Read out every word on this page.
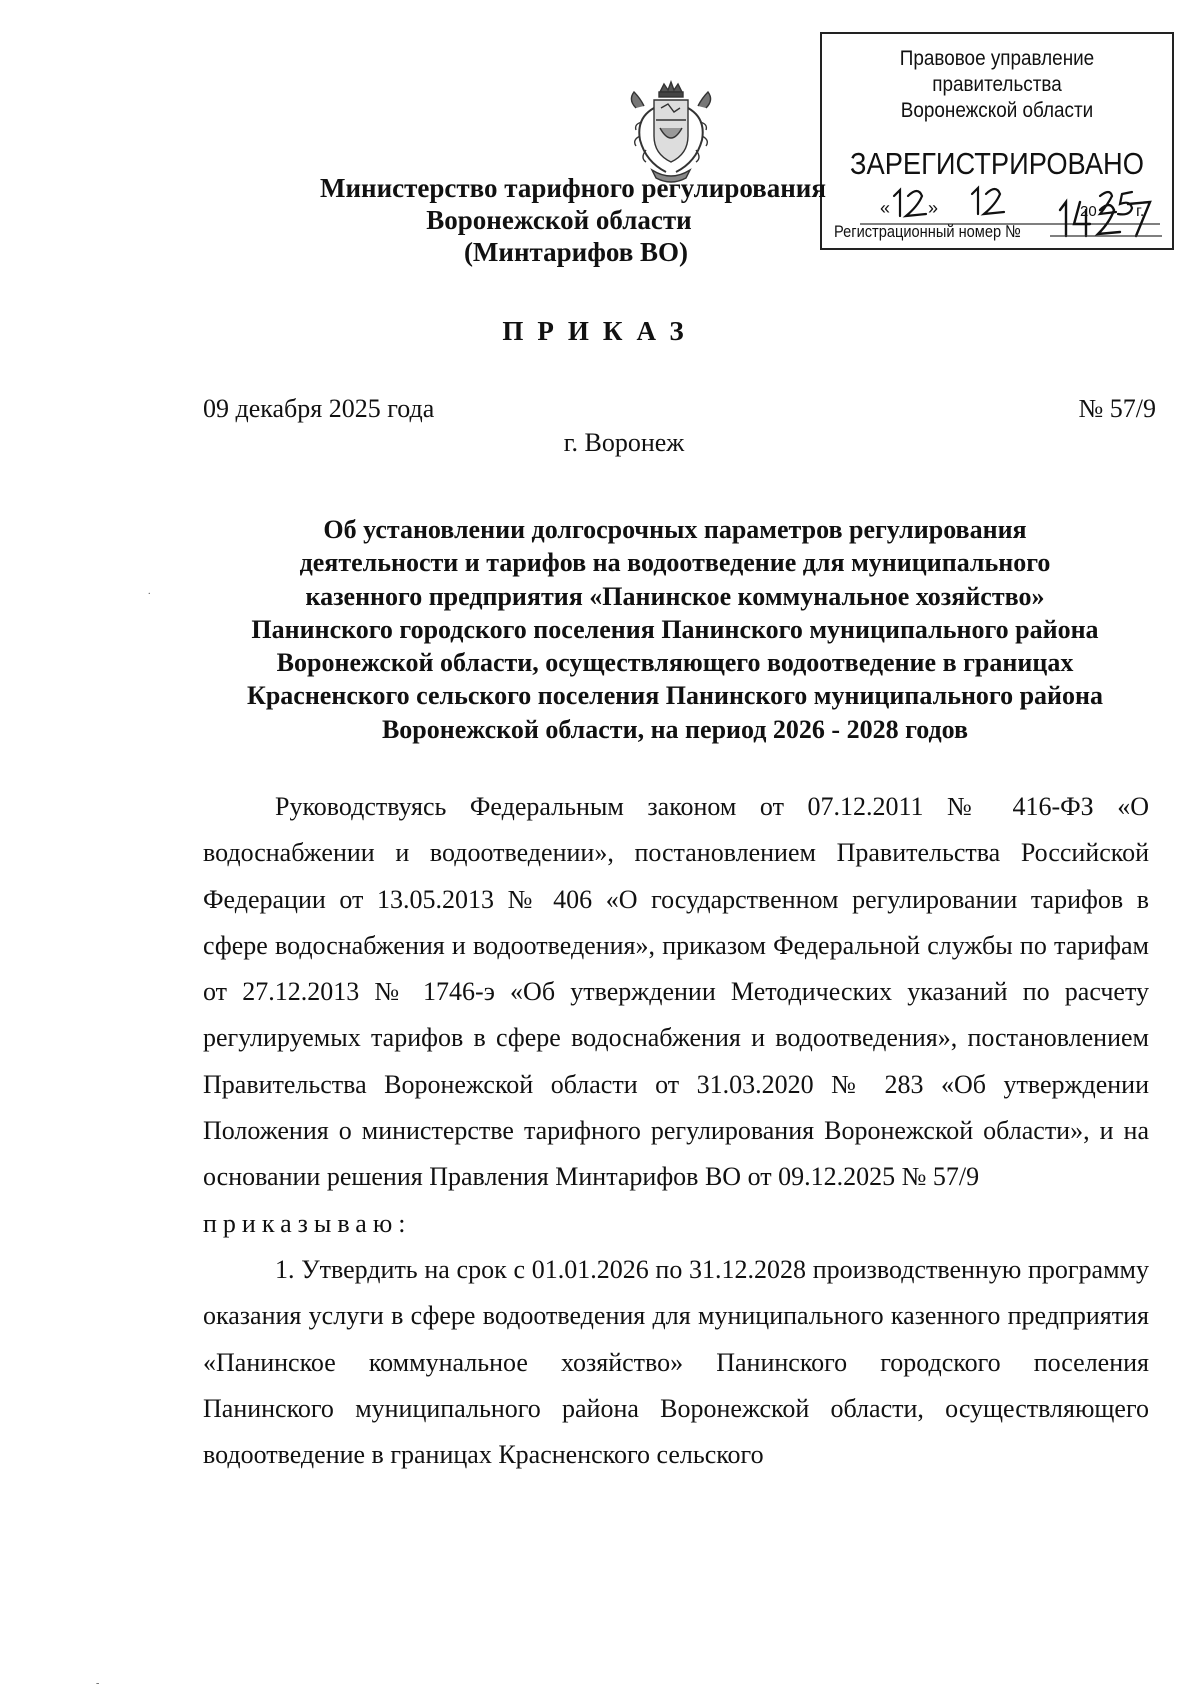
Правовое управление правительства
Воронежской области
ЗАРЕГИСТРИРОВАНО
« »	20 г.
Регистрационный номер №
Министерство тарифного регулирования
Воронежской области
(Минтарифов ВО)
ПРИКАЗ
09 декабря 2025 года	№ 57/9
г. Воронеж
Об установлении долгосрочных параметров регулирования
деятельности и тарифов на водоотведение для муниципального
казенного предприятия «Панинское коммунальное хозяйство»
Панинского городского поселения Панинского муниципального района
Воронежской области, осуществляющего водоотведение в границах
Красненского сельского поселения Панинского муниципального района
Воронежской области, на период 2026 - 2028 годов

Руководствуясь Федеральным законом от 07.12.2011 № 416-ФЗ «О водоснабжении и водоотведении», постановлением Правительства Российской Федерации от 13.05.2013 № 406 «О государственном регулировании тарифов в сфере водоснабжения и водоотведения», приказом Федеральной службы по тарифам от 27.12.2013 № 1746-э «Об утверждении Методических указаний по расчету регулируемых тарифов в сфере водоснабжения и водоотведения», постановлением Правительства Воронежской области от 31.03.2020 № 283 «Об утверждении Положения о министерстве тарифного регулирования Воронежской области», и на основании решения Правления Минтарифов ВО от 09.12.2025 № 57/9

приказываю:

1. Утвердить на срок с 01.01.2026 по 31.12.2028 производственную программу оказания услуги в сфере водоотведения для муниципального казенного предприятия «Панинское коммунальное хозяйство» Панинского городского поселения Панинского муниципального района Воронежской области, осуществляющего водоотведение в границах Красненского сельского

.
-
